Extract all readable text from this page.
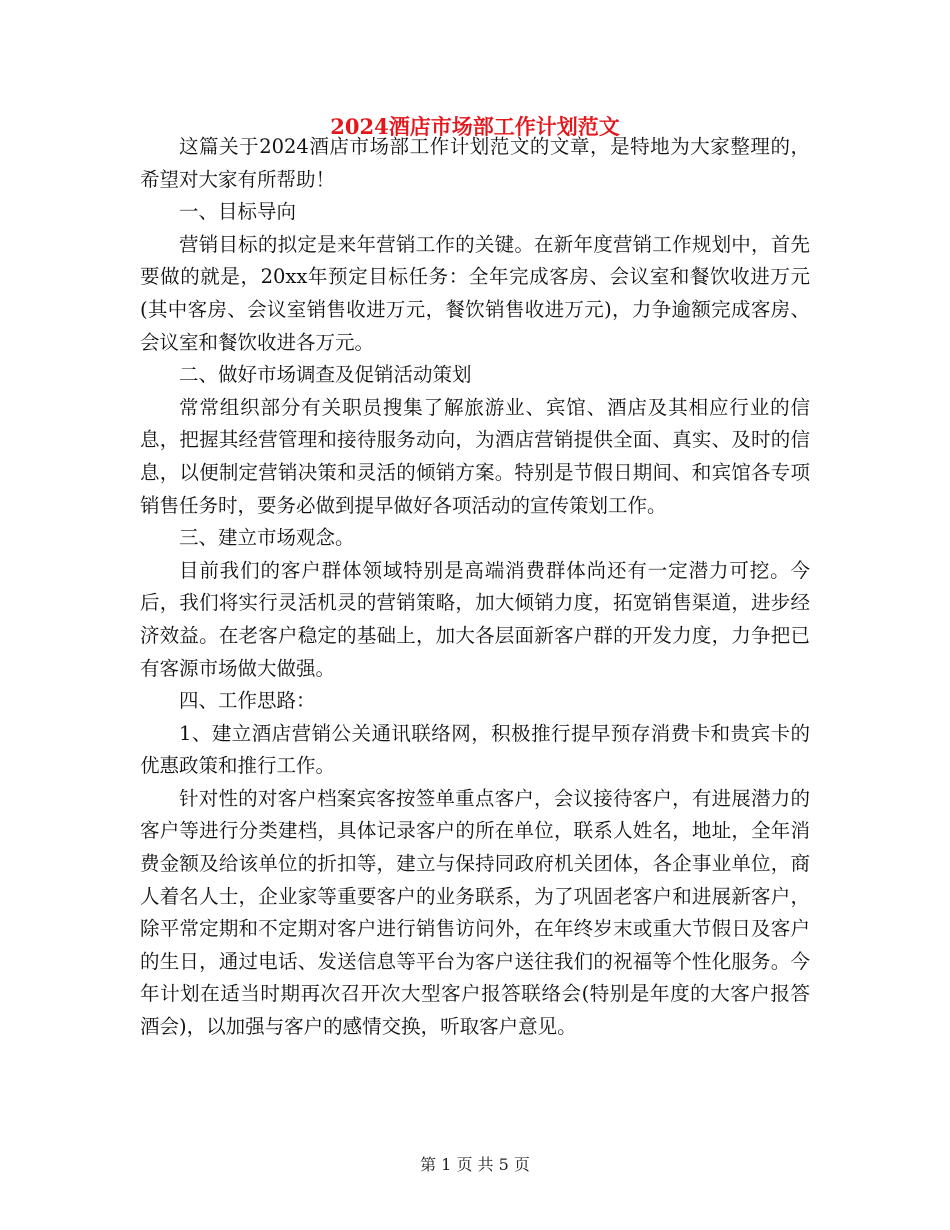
2024酒店市场部工作计划范文

这篇关于2024酒店市场部工作计划范文的文章，是特地为大家整理的，希望对大家有所帮助！

一、目标导向

营销目标的拟定是来年营销工作的关键。在新年度营销工作规划中，首先要做的就是，20xx年预定目标任务：全年完成客房、会议室和餐饮收进万元(其中客房、会议室销售收进万元，餐饮销售收进万元)，力争逾额完成客房、会议室和餐饮收进各万元。

二、做好市场调查及促销活动策划

常常组织部分有关职员搜集了解旅游业、宾馆、酒店及其相应行业的信息，把握其经营管理和接待服务动向，为酒店营销提供全面、真实、及时的信息，以便制定营销决策和灵活的倾销方案。特别是节假日期间、和宾馆各专项销售任务时，要务必做到提早做好各项活动的宣传策划工作。

三、建立市场观念。

目前我们的客户群体领域特别是高端消费群体尚还有一定潜力可挖。今后，我们将实行灵活机灵的营销策略，加大倾销力度，拓宽销售渠道，进步经济效益。在老客户稳定的基础上，加大各层面新客户群的开发力度，力争把已有客源市场做大做强。

四、工作思路：

1、建立酒店营销公关通讯联络网，积极推行提早预存消费卡和贵宾卡的优惠政策和推行工作。

针对性的对客户档案宾客按签单重点客户，会议接待客户，有进展潜力的客户等进行分类建档，具体记录客户的所在单位，联系人姓名，地址，全年消费金额及给该单位的折扣等，建立与保持同政府机关团体，各企事业单位，商人着名人士，企业家等重要客户的业务联系，为了巩固老客户和进展新客户，除平常定期和不定期对客户进行销售访问外，在年终岁末或重大节假日及客户的生日，通过电话、发送信息等平台为客户送往我们的祝福等个性化服务。今年计划在适当时期再次召开次大型客户报答联络会(特别是年度的大客户报答酒会)，以加强与客户的感情交换，听取客户意见。

第 1 页 共 5 页
